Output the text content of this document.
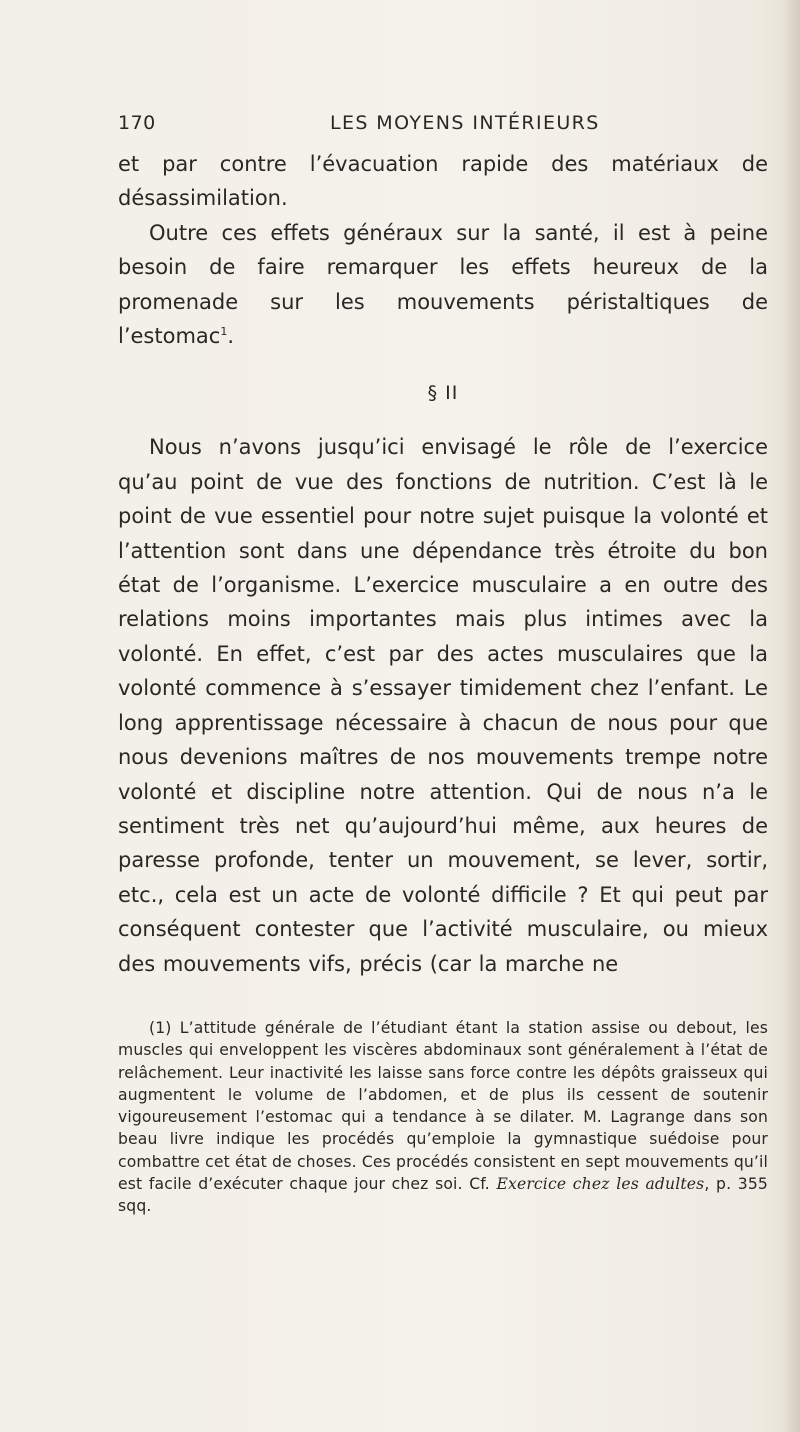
170	LES MOYENS INTÉRIEURS

et par contre l’évacuation rapide des matériaux de désassimilation.

Outre ces effets généraux sur la santé, il est à peine besoin de faire remarquer les effets heureux de la promenade sur les mouvements péristaltiques de l’estomac$^1$.

§ II

Nous n’avons jusqu’ici envisagé le rôle de l’exercice qu’au point de vue des fonctions de nutrition. C’est là le point de vue essentiel pour notre sujet puisque la volonté et l’attention sont dans une dépendance très étroite du bon état de l’organisme. L’exercice musculaire a en outre des relations moins importantes mais plus intimes avec la volonté. En effet, c’est par des actes musculaires que la volonté commence à s’essayer timidement chez l’enfant. Le long apprentissage nécessaire à chacun de nous pour que nous devenions maîtres de nos mouvements trempe notre volonté et discipline notre attention. Qui de nous n’a le sentiment très net qu’aujourd’hui même, aux heures de paresse profonde, tenter un mouvement, se lever, sortir, etc., cela est un acte de volonté difficile ? Et qui peut par conséquent contester que l’activité musculaire, ou mieux des mouvements vifs, précis (car la marche ne

(1) L’attitude générale de l’étudiant étant la station assise ou debout, les muscles qui enveloppent les viscères abdominaux sont généralement à l’état de relâchement. Leur inactivité les laisse sans force contre les dépôts graisseux qui augmentent le volume de l’abdomen, et de plus ils cessent de soutenir vigoureusement l’estomac qui a tendance à se dilater. M. Lagrange dans son beau livre indique les procédés qu’emploie la gymnastique suédoise pour combattre cet état de choses. Ces procédés consistent en sept mouvements qu’il est facile d’exécuter chaque jour chez soi. Cf. Exercice chez les adultes, p. 355 sqq.
